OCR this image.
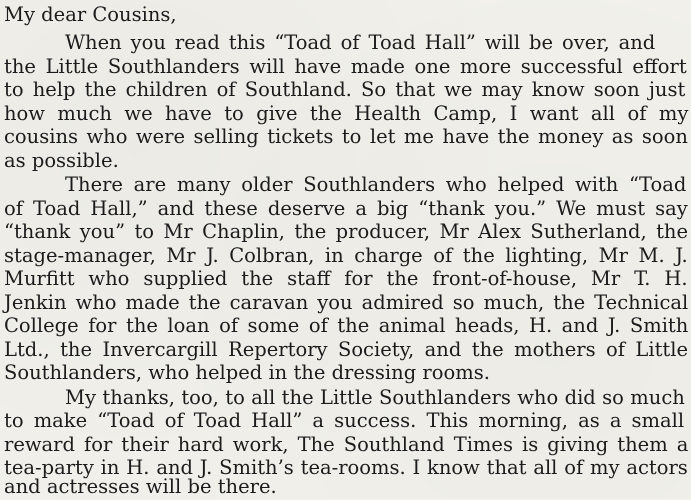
My dear Cousins,
When you read this “Toad of Toad Hall” will be over, and
the Little Southlanders will have made one more successful effort
to help the children of Southland. So that we may know soon just
how much we have to give the Health Camp, I want all of my
cousins who were selling tickets to let me have the money as soon
as possible.
There are many older Southlanders who helped with “Toad
of Toad Hall,” and these deserve a big “thank you.” We must say
“thank you” to Mr Chaplin, the producer, Mr Alex Sutherland, the
stage-manager, Mr J. Colbran, in charge of the lighting, Mr M. J.
Murfitt who supplied the staff for the front-of-house, Mr T. H.
Jenkin who made the caravan you admired so much, the Technical
College for the loan of some of the animal heads, H. and J. Smith
Ltd., the Invercargill Repertory Society, and the mothers of Little
Southlanders, who helped in the dressing rooms.
My thanks, too, to all the Little Southlanders who did so much
to make “Toad of Toad Hall” a success. This morning, as a small
reward for their hard work, The Southland Times is giving them a
tea-party in H. and J. Smith’s tea-rooms. I know that all of my actors
and actresses will be there.
